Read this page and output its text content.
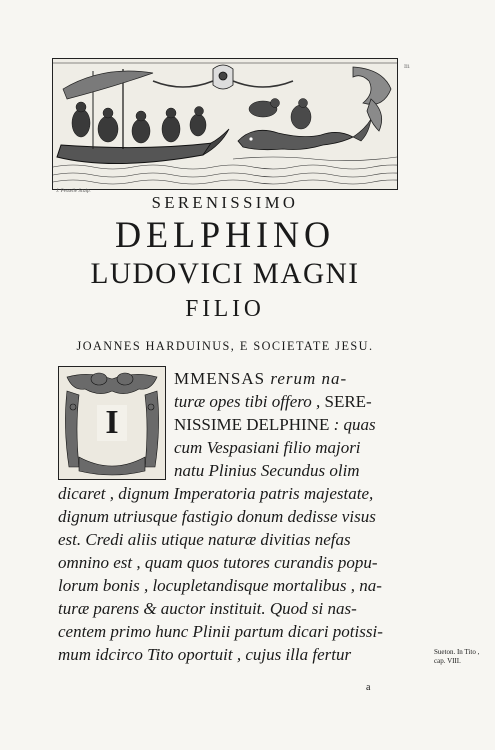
J. Pesselle Sculp.
m
SERENISSIMO
DELPHINO
LUDOVICI MAGNI
FILIO
JOANNES HARDUINUS, E SOCIETATE JESU.
I
MMENSAS rerum na-
turæ opes tibi offero , SERE-
NISSIME DELPHINE : quas
cum Vespasiani filio majori
natu Plinius Secundus olim
dicaret , dignum Imperatoria patris majestate,
dignum utriusque fastigio donum dedisse visus
est. Credi aliis utique naturæ divitias nefas
omnino est , quam quos tutores curandis popu-
lorum bonis , locupletandisque mortalibus , na-
turæ parens & auctor instituit. Quod si nas-
centem primo hunc Plinii partum dicari potissi-
mum idcirco Tito oportuit , cujus illa fertur	Sueton. In Tito , cap. VIII.
a
